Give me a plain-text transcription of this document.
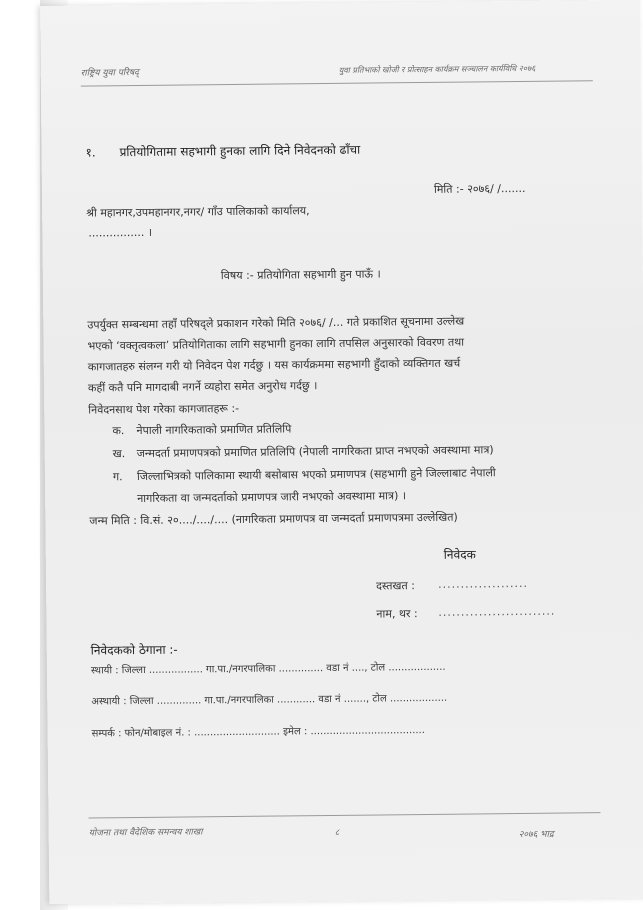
राष्ट्रिय युवा परिषद्	युवा प्रतिभाको खोजी र प्रोत्साहन कार्यक्रम सञ्चालन कार्यविधि २०७६
१. प्रतियोगितामा सहभागी हुनका लागि दिने निवेदनको ढाँचा
मिति :- २०७६/ /.......
श्री महानगर,उपमहानगर,नगर/ गाँउ पालिकाको कार्यालय,
................ ।
विषय :- प्रतियोगिता सहभागी हुन पाऊँ ।
उपर्युक्त सम्बन्धमा तहाँ परिषद्ले प्रकाशन गरेको मिति २०७६/ /... गते प्रकाशित सूचनामा उल्लेख
भएको ‘वक्तृत्वकला’ प्रतियोगिताका लागि सहभागी हुनका लागि तपसिल अनुसारको विवरण तथा
कागजातहरु संलग्न गरी यो निवेदन पेश गर्दछु । यस कार्यक्रममा सहभागी हुँदाको व्यक्तिगत खर्च
कहीं कतै पनि मागदाबी नगर्ने व्यहोरा समेत अनुरोध गर्दछु ।
निवेदनसाथ पेश गरेका कागजातहरू :-
क. नेपाली नागरिकताको प्रमाणित प्रतिलिपि
ख. जन्मदर्ता प्रमाणपत्रको प्रमाणित प्रतिलिपि (नेपाली नागरिकता प्राप्त नभएको अवस्थामा मात्र)
ग. जिल्लाभित्रको पालिकामा स्थायी बसोबास भएको प्रमाणपत्र (सहभागी हुने जिल्लाबाट नेपाली
नागरिकता वा जन्मदर्ताको प्रमाणपत्र जारी नभएको अवस्थामा मात्र) ।
जन्म मिति : वि.सं. २०..../..../.... (नागरिकता प्रमाणपत्र वा जन्मदर्ता प्रमाणपत्रमा उल्लेखित)
निवेदक
दस्तखत : ....................
नाम, थर : ..........................
निवेदकको ठेगाना :-
स्थायी : जिल्ला ................. गा.पा./नगरपालिका .............. वडा नं ...., टोल ..................
अस्थायी : जिल्ला .............. गा.पा./नगरपालिका ............ वडा नं ......., टोल ..................
सम्पर्क : फोन/मोबाइल नं. : ........................... इमेल : ....................................
योजना तथा वैदेशिक समन्वय शाखा	८	२०७६ भाद्र
